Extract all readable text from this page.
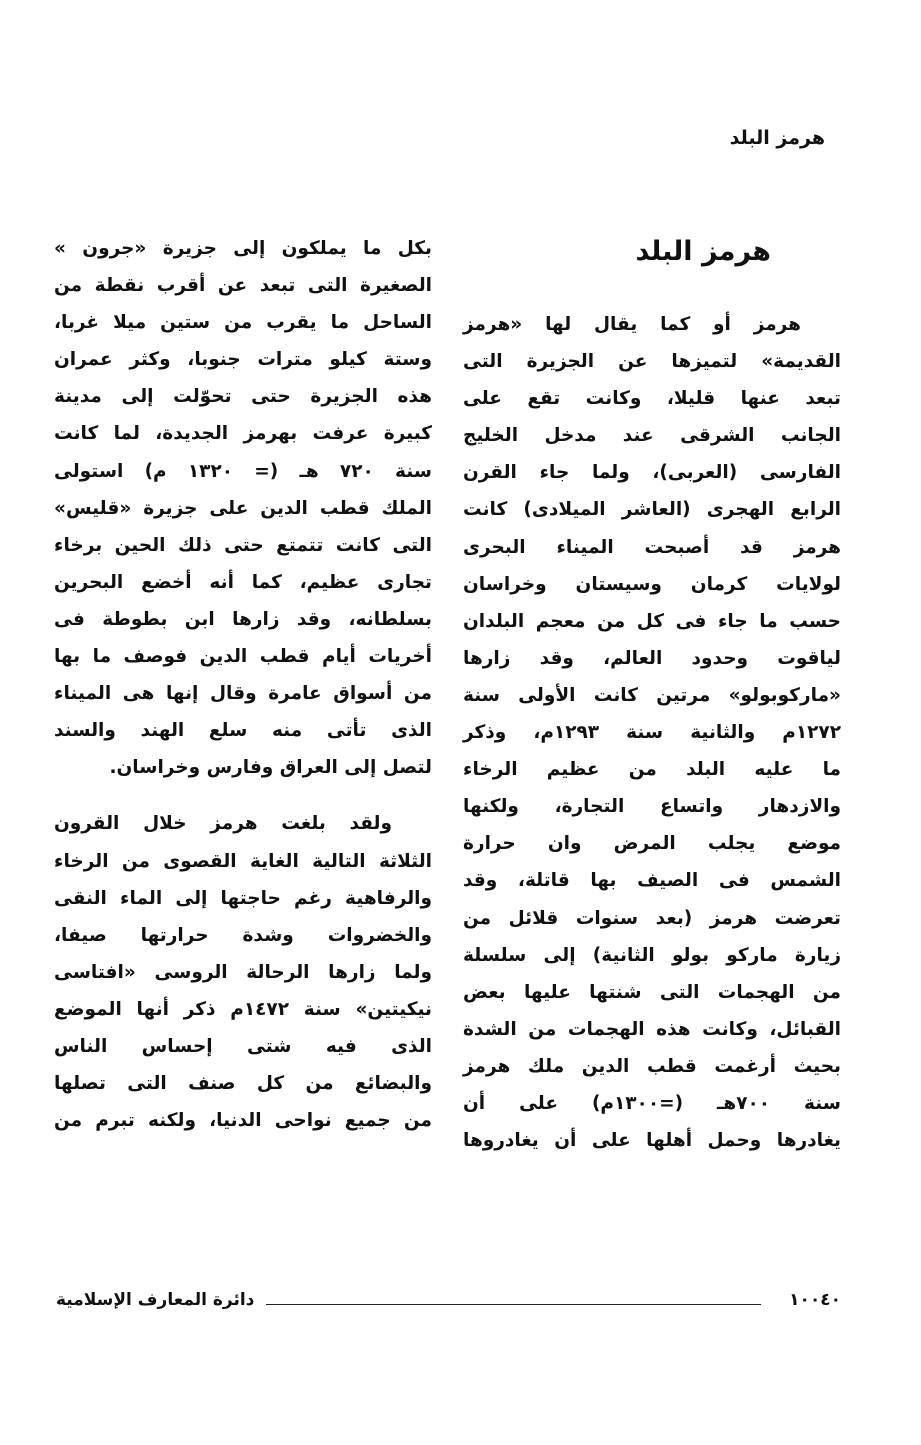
هرمز البلد
هرمز البلد
هرمز أو كما يقال لها «هرمز
القديمة» لتميزها عن الجزيرة التى
تبعد عنها قليلا، وكانت تقع على
الجانب الشرقى عند مدخل الخليج
الفارسى (العربى)، ولما جاء القرن
الرابع الهجرى (العاشر الميلادى) كانت
هرمز قد أصبحت الميناء البحرى
لولايات كرمان وسيستان وخراسان
حسب ما جاء فى كل من معجم البلدان
لياقوت وحدود العالم، وقد زارها
«ماركوبولو» مرتين كانت الأولى سنة
١٢٧٢م والثانية سنة ١٢٩٣م، وذكر
ما عليه البلد من عظيم الرخاء
والازدهار واتساع التجارة، ولكنها
موضع يجلب المرض وان حرارة
الشمس فى الصيف بها قاتلة، وقد
تعرضت هرمز (بعد سنوات قلائل من
زيارة ماركو بولو الثانية) إلى سلسلة
من الهجمات التى شنتها عليها بعض
القبائل، وكانت هذه الهجمات من الشدة
بحيث أرغمت قطب الدين ملك هرمز
سنة ٧٠٠هـ (=١٣٠٠م) على أن
يغادرها وحمل أهلها على أن يغادروها
بكل ما يملكون إلى جزيرة «جرون »
الصغيرة التى تبعد عن أقرب نقطة من
الساحل ما يقرب من ستين ميلا غربا،
وستة كيلو مترات جنوبا، وكثر عمران
هذه الجزيرة حتى تحوّلت إلى مدينة
كبيرة عرفت بهرمز الجديدة، لما كانت
سنة ٧٢٠ هـ (= ١٣٢٠ م) استولى
الملك قطب الدين على جزيرة «قليس»
التى كانت تتمتع حتى ذلك الحين برخاء
تجارى عظيم، كما أنه أخضع البحرين
بسلطانه، وقد زارها ابن بطوطة فى
أخريات أيام قطب الدين فوصف ما بها
من أسواق عامرة وقال إنها هى الميناء
الذى تأتى منه سلع الهند والسند
لتصل إلى العراق وفارس وخراسان.
ولقد بلغت هرمز خلال القرون
الثلاثة التالية الغاية القصوى من الرخاء
والرفاهية رغم حاجتها إلى الماء النقى
والخضروات وشدة حرارتها صيفا،
ولما زارها الرحالة الروسى «افتاسى
نيكيتين» سنة ١٤٧٢م ذكر أنها الموضع
الذى فيه شتى إحساس الناس
والبضائع من كل صنف التى تصلها
من جميع نواحى الدنيا، ولكنه تبرم من
دائرة المعارف الإسلامية	١٠٠٤٠
